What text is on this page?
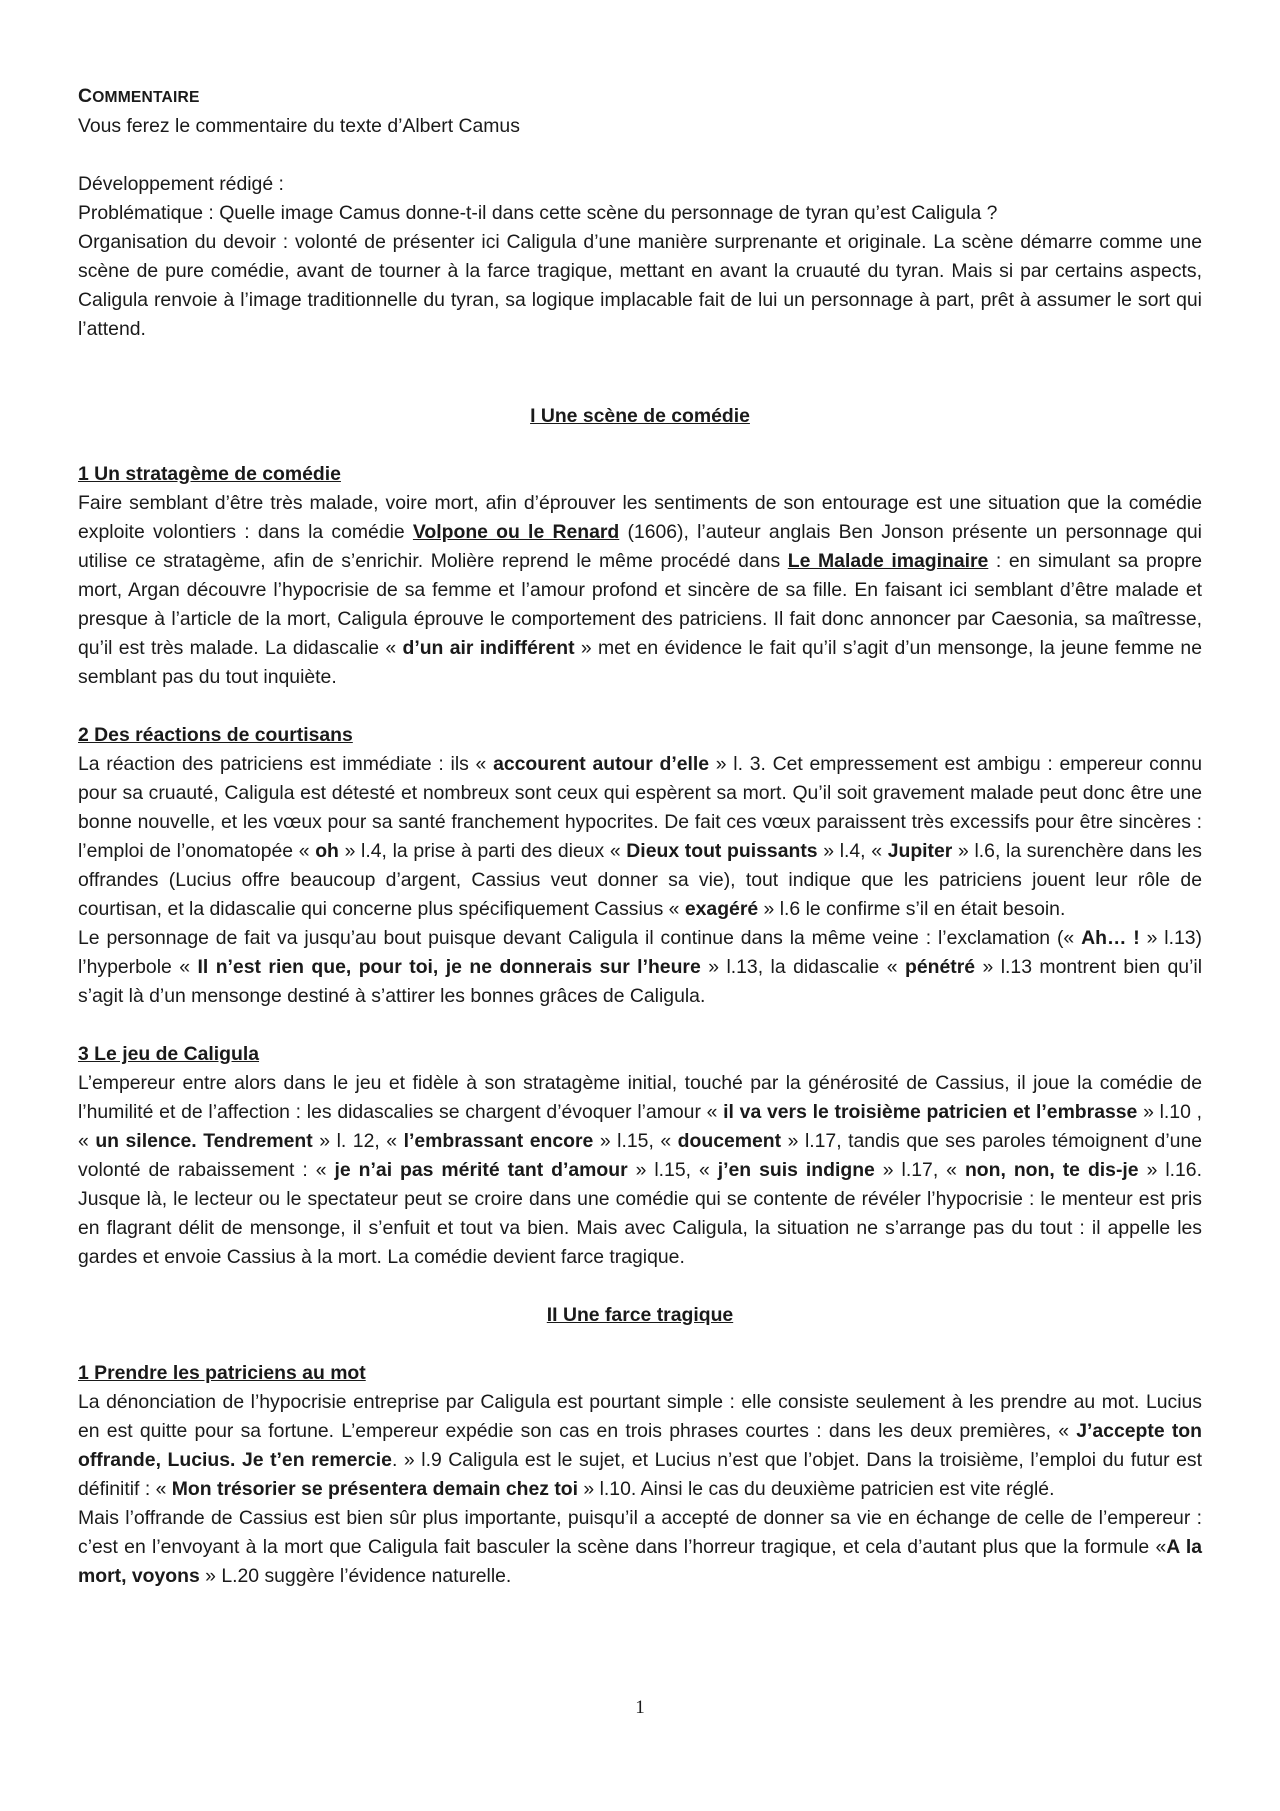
COMMENTAIRE

Vous ferez le commentaire du texte d’Albert Camus

Développement rédigé :

Problématique : Quelle image Camus donne-t-il dans cette scène du personnage de tyran qu’est Caligula ?

Organisation du devoir : volonté de présenter ici Caligula d’une manière surprenante et originale. La scène démarre comme une scène de pure comédie, avant de tourner à la farce tragique, mettant en avant la cruauté du tyran. Mais si par certains aspects, Caligula renvoie à l’image traditionnelle du tyran, sa logique implacable fait de lui un personnage à part, prêt à assumer le sort qui l’attend.

I Une scène de comédie

1 Un stratagème de comédie

Faire semblant d’être très malade, voire mort, afin d’éprouver les sentiments de son entourage est une situation que la comédie exploite volontiers : dans la comédie Volpone ou le Renard (1606), l’auteur anglais Ben Jonson présente un personnage qui utilise ce stratagème, afin de s’enrichir. Molière reprend le même procédé dans Le Malade imaginaire : en simulant sa propre mort, Argan découvre l’hypocrisie de sa femme et l’amour profond et sincère de sa fille. En faisant ici semblant d’être malade et presque à l’article de la mort, Caligula éprouve le comportement des patriciens. Il fait donc annoncer par Caesonia, sa maîtresse, qu’il est très malade. La didascalie « d’un air indifférent » met en évidence le fait qu’il s’agit d’un mensonge, la jeune femme ne semblant pas du tout inquiète.

2 Des réactions de courtisans

La réaction des patriciens est immédiate : ils « accourent autour d’elle » l. 3. Cet empressement est ambigu : empereur connu pour sa cruauté, Caligula est détesté et nombreux sont ceux qui espèrent sa mort. Qu’il soit gravement malade peut donc être une bonne nouvelle, et les vœux pour sa santé franchement hypocrites. De fait ces vœux paraissent très excessifs pour être sincères : l’emploi de l’onomatopée « oh » l.4, la prise à parti des dieux « Dieux tout puissants » l.4, « Jupiter » l.6, la surenchère dans les offrandes (Lucius offre beaucoup d’argent, Cassius veut donner sa vie), tout indique que les patriciens jouent leur rôle de courtisan, et la didascalie qui concerne plus spécifiquement Cassius « exagéré » l.6 le confirme s’il en était besoin.

Le personnage de fait va jusqu’au bout puisque devant Caligula il continue dans la même veine : l’exclamation (« Ah… ! » l.13) l’hyperbole « Il n’est rien que, pour toi, je ne donnerais sur l’heure » l.13, la didascalie « pénétré » l.13 montrent bien qu’il s’agit là d’un mensonge destiné à s’attirer les bonnes grâces de Caligula.

3 Le jeu de Caligula

L’empereur entre alors dans le jeu et fidèle à son stratagème initial, touché par la générosité de Cassius, il joue la comédie de l’humilité et de l’affection : les didascalies se chargent d’évoquer l’amour « il va vers le troisième patricien et l’embrasse » l.10 , « un silence. Tendrement » l. 12, « l’embrassant encore » l.15, « doucement » l.17, tandis que ses paroles témoignent d’une volonté de rabaissement : « je n’ai pas mérité tant d’amour » l.15, « j’en suis indigne » l.17, « non, non, te dis-je » l.16. Jusque là, le lecteur ou le spectateur peut se croire dans une comédie qui se contente de révéler l’hypocrisie : le menteur est pris en flagrant délit de mensonge, il s’enfuit et tout va bien. Mais avec Caligula, la situation ne s’arrange pas du tout : il appelle les gardes et envoie Cassius à la mort. La comédie devient farce tragique.

II Une farce tragique

1 Prendre les patriciens au mot

La dénonciation de l’hypocrisie entreprise par Caligula est pourtant simple : elle consiste seulement à les prendre au mot. Lucius en est quitte pour sa fortune. L’empereur expédie son cas en trois phrases courtes : dans les deux premières, « J’accepte ton offrande, Lucius. Je t’en remercie. » l.9 Caligula est le sujet, et Lucius n’est que l’objet. Dans la troisième, l’emploi du futur est définitif : « Mon trésorier se présentera demain chez toi » l.10. Ainsi le cas du deuxième patricien est vite réglé.

Mais l’offrande de Cassius est bien sûr plus importante, puisqu’il a accepté de donner sa vie en échange de celle de l’empereur : c’est en l’envoyant à la mort que Caligula fait basculer la scène dans l’horreur tragique, et cela d’autant plus que la formule «A la mort, voyons » L.20 suggère l’évidence naturelle.

1
